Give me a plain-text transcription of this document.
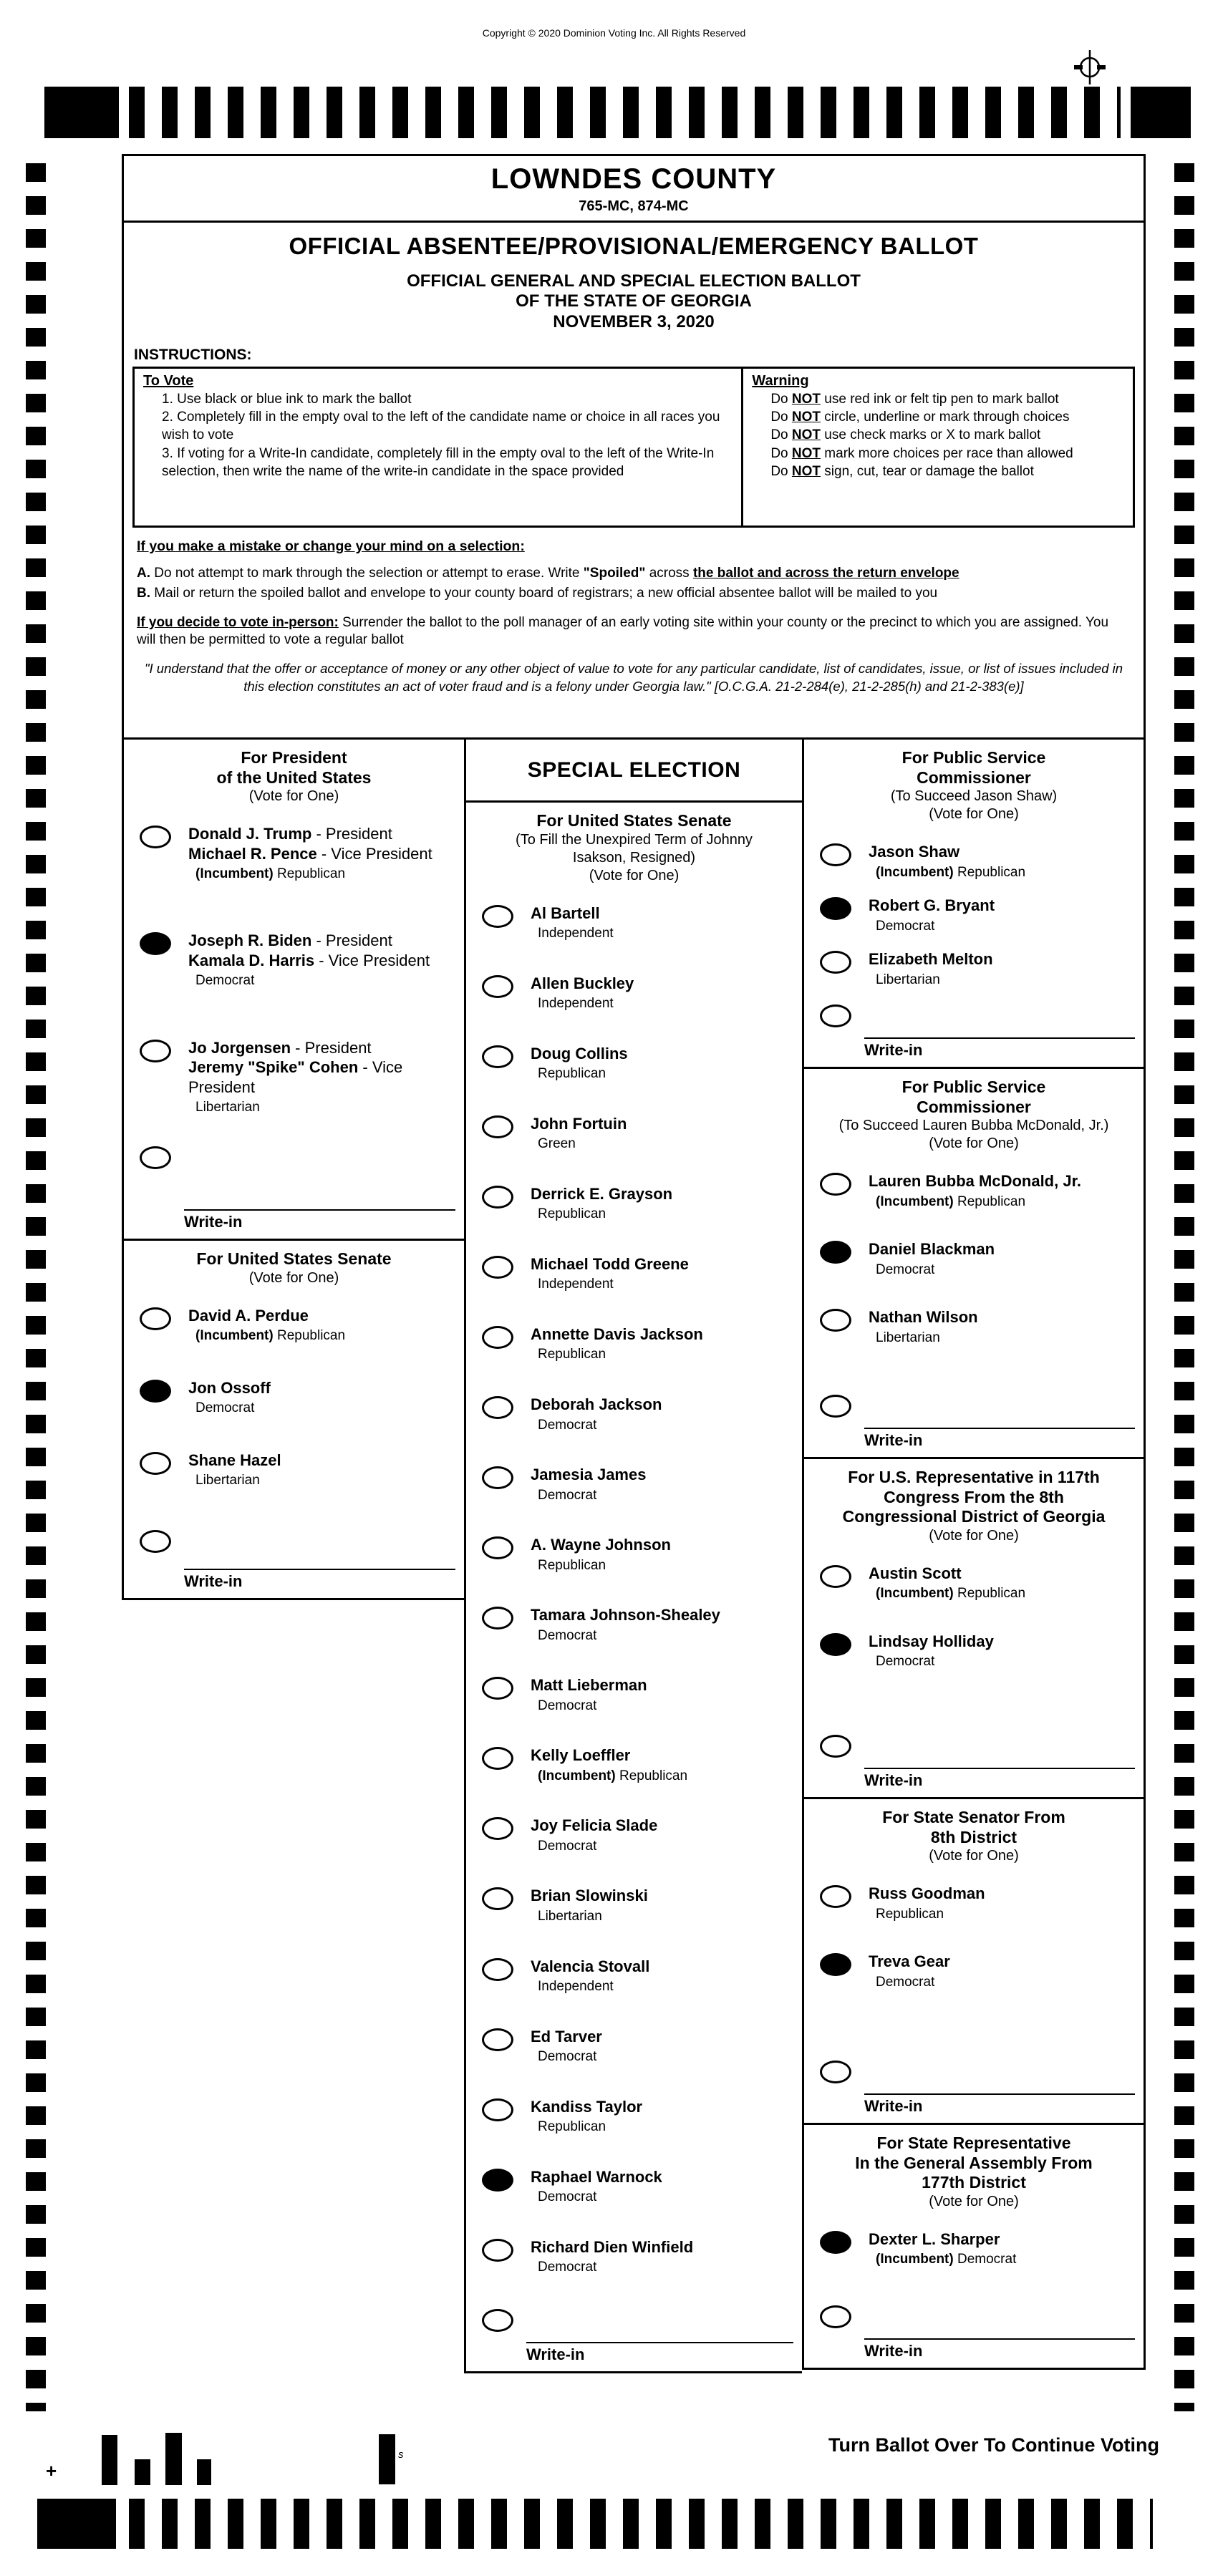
Copyright © 2020 Dominion Voting Inc. All Rights Reserved
LOWNDES COUNTY
765-MC, 874-MC
OFFICIAL ABSENTEE/PROVISIONAL/EMERGENCY BALLOT
OFFICIAL GENERAL AND SPECIAL ELECTION BALLOT
OF THE STATE OF GEORGIA
NOVEMBER 3, 2020
INSTRUCTIONS:
To Vote
1. Use black or blue ink to mark the ballot
2. Completely fill in the empty oval to the left of the candidate name or choice in all races you wish to vote
3. If voting for a Write-In candidate, completely fill in the empty oval to the left of the Write-In selection, then write the name of the write-in candidate in the space provided
Warning
Do NOT use red ink or felt tip pen to mark ballot
Do NOT circle, underline or mark through choices
Do NOT use check marks or X to mark ballot
Do NOT mark more choices per race than allowed
Do NOT sign, cut, tear or damage the ballot
If you make a mistake or change your mind on a selection:
A. Do not attempt to mark through the selection or attempt to erase. Write "Spoiled" across the ballot and across the return envelope
B. Mail or return the spoiled ballot and envelope to your county board of registrars; a new official absentee ballot will be mailed to you
If you decide to vote in-person: Surrender the ballot to the poll manager of an early voting site within your county or the precinct to which you are assigned. You will then be permitted to vote a regular ballot
"I understand that the offer or acceptance of money or any other object of value to vote for any particular candidate, list of candidates, issue, or list of issues included in this election constitutes an act of voter fraud and is a felony under Georgia law." [O.C.G.A. 21-2-284(e), 21-2-285(h) and 21-2-383(e)]
For President
of the United States
(Vote for One)
Donald J. Trump - President
Michael R. Pence - Vice President
(Incumbent) Republican
Joseph R. Biden - President
Kamala D. Harris - Vice President
Democrat
Jo Jorgensen - President
Jeremy "Spike" Cohen - Vice President
Libertarian
Write-in
For United States Senate
(Vote for One)
David A. Perdue
(Incumbent) Republican
Jon Ossoff
Democrat
Shane Hazel
Libertarian
Write-in
SPECIAL ELECTION
For United States Senate
(To Fill the Unexpired Term of Johnny
Isakson, Resigned)
(Vote for One)
Al Bartell
Independent
Allen Buckley
Independent
Doug Collins
Republican
John Fortuin
Green
Derrick E. Grayson
Republican
Michael Todd Greene
Independent
Annette Davis Jackson
Republican
Deborah Jackson
Democrat
Jamesia James
Democrat
A. Wayne Johnson
Republican
Tamara Johnson-Shealey
Democrat
Matt Lieberman
Democrat
Kelly Loeffler
(Incumbent) Republican
Joy Felicia Slade
Democrat
Brian Slowinski
Libertarian
Valencia Stovall
Independent
Ed Tarver
Democrat
Kandiss Taylor
Republican
Raphael Warnock
Democrat
Richard Dien Winfield
Democrat
Write-in
For Public Service
Commissioner
(To Succeed Jason Shaw)
(Vote for One)
Jason Shaw
(Incumbent) Republican
Robert G. Bryant
Democrat
Elizabeth Melton
Libertarian
Write-in
For Public Service
Commissioner
(To Succeed Lauren Bubba McDonald, Jr.)
(Vote for One)
Lauren Bubba McDonald, Jr.
(Incumbent) Republican
Daniel Blackman
Democrat
Nathan Wilson
Libertarian
Write-in
For U.S. Representative in 117th
Congress From the 8th
Congressional District of Georgia
(Vote for One)
Austin Scott
(Incumbent) Republican
Lindsay Holliday
Democrat
Write-in
For State Senator From
8th District
(Vote for One)
Russ Goodman
Republican
Treva Gear
Democrat
Write-in
For State Representative
In the General Assembly From
177th District
(Vote for One)
Dexter L. Sharper
(Incumbent) Democrat
Write-in
+
s	Turn Ballot Over To Continue Voting
